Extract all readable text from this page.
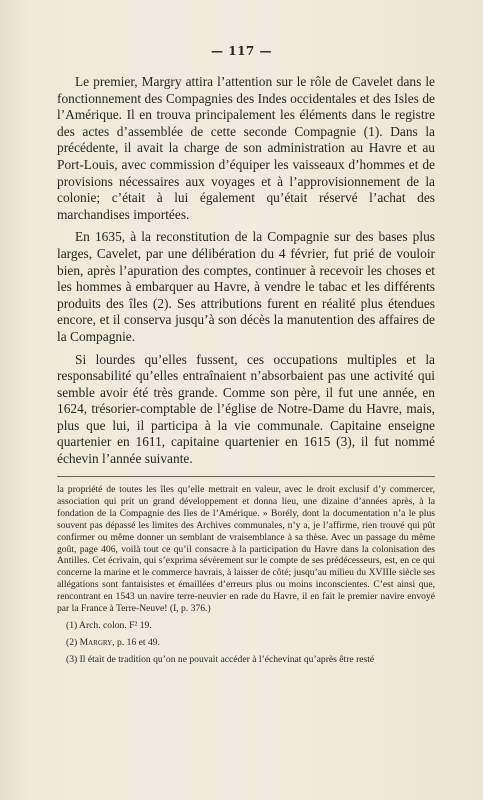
— 117 —

Le premier, Margry attira l’attention sur le rôle de Cavelet dans le fonctionnement des Compagnies des Indes occidentales et des Isles de l’Amérique. Il en trouva principalement les éléments dans le registre des actes d’assemblée de cette seconde Compagnie (1). Dans la précédente, il avait la charge de son administration au Havre et au Port-Louis, avec commission d’équiper les vaisseaux d’hommes et de provisions nécessaires aux voyages et à l’approvisionnement de la colonie; c’était à lui également qu’était réservé l’achat des marchandises importées.

En 1635, à la reconstitution de la Compagnie sur des bases plus larges, Cavelet, par une délibération du 4 février, fut prié de vouloir bien, après l’apuration des comptes, continuer à recevoir les choses et les hommes à embarquer au Havre, à vendre le tabac et les différents produits des îles (2). Ses attributions furent en réalité plus étendues encore, et il conserva jusqu’à son décès la manutention des affaires de la Compagnie.

Si lourdes qu’elles fussent, ces occupations multiples et la responsabilité qu’elles entraînaient n’absorbaient pas une activité qui semble avoir été très grande. Comme son père, il fut une année, en 1624, trésorier-comptable de l’église de Notre-Dame du Havre, mais, plus que lui, il participa à la vie communale. Capitaine enseigne quartenier en 1611, capitaine quartenier en 1615 (3), il fut nommé échevin l’année suivante.

la propriété de toutes les îles qu’elle mettrait en valeur, avec le droit exclusif d’y commercer, association qui prit un grand développement et donna lieu, une dizaine d’années après, à la fondation de la Compagnie des Iles de l’Amérique. » Borély, dont la documentation n’a le plus souvent pas dépassé les limites des Archives communales, n’y a, je l’affirme, rien trouvé qui pût confirmer ou même donner un semblant de vraisemblance à sa thèse. Avec un passage du même goût, page 406, voilà tout ce qu’il consacre à la participation du Havre dans la colonisation des Antilles. Cet écrivain, qui s’exprima sévèrement sur le compte de ses prédécesseurs, est, en ce qui concerne la marine et le commerce havrais, à laisser de côté; jusqu’au milieu du XVIIIe siècle ses allégations sont fantaisistes et émaillées d’erreurs plus ou moins inconscientes. C’est ainsi que, rencontrant en 1543 un navire terre-neuvier en rade du Havre, il en fait le premier navire envoyé par la France à Terre-Neuve! (I, p. 376.)

(1) Arch. colon. F² 19.

(2) Margry, p. 16 et 49.

(3) Il était de tradition qu’on ne pouvait accéder à l’échevinat qu’après être resté
